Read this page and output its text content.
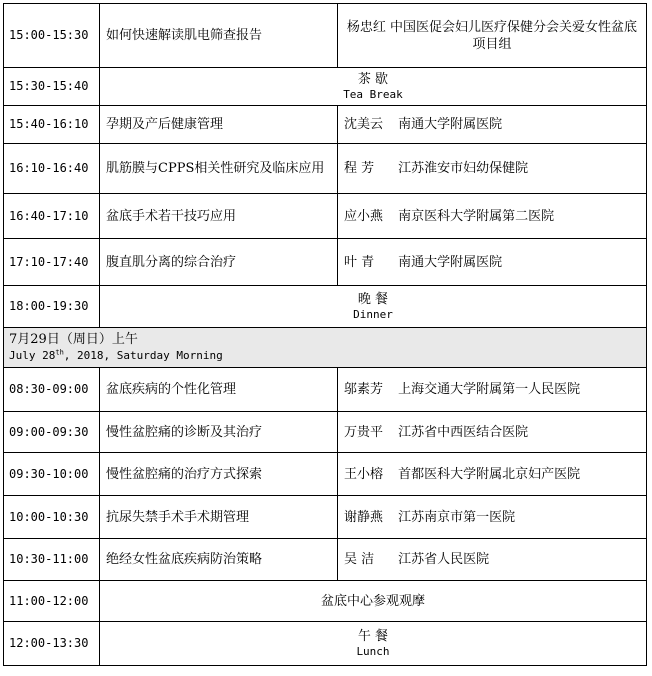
15:00-15:30	如何快速解读肌电筛查报告	杨忠红 中国医促会妇儿医疗保健分会关爱女性盆底项目组
15:30-15:40	茶 歇
Tea Break	

15:40-16:10	孕期及产后健康管理	沈美云 南通大学附属医院
16:10-16:40	肌筋膜与CPPS相关性研究及临床应用	程 芳 江苏淮安市妇幼保健院
16:40-17:10	盆底手术若干技巧应用	应小燕 南京医科大学附属第二医院
17:10-17:40	腹直肌分离的综合治疗	叶 青 南通大学附属医院
18:00-19:30	晚 餐
Dinner	

7月29日（周日）上午
July 28th, 2018, Saturday Morning		

08:30-09:00	盆底疾病的个性化管理	邬素芳 上海交通大学附属第一人民医院
09:00-09:30	慢性盆腔痛的诊断及其治疗	万贵平 江苏省中西医结合医院
09:30-10:00	慢性盆腔痛的治疗方式探索	王小榕 首都医科大学附属北京妇产医院
10:00-10:30	抗尿失禁手术手术期管理	谢静燕 江苏南京市第一医院
10:30-11:00	绝经女性盆底疾病防治策略	吴 洁 江苏省人民医院
11:00-12:00	盆底中心参观观摩	

12:00-13:30	午 餐
Lunch	
